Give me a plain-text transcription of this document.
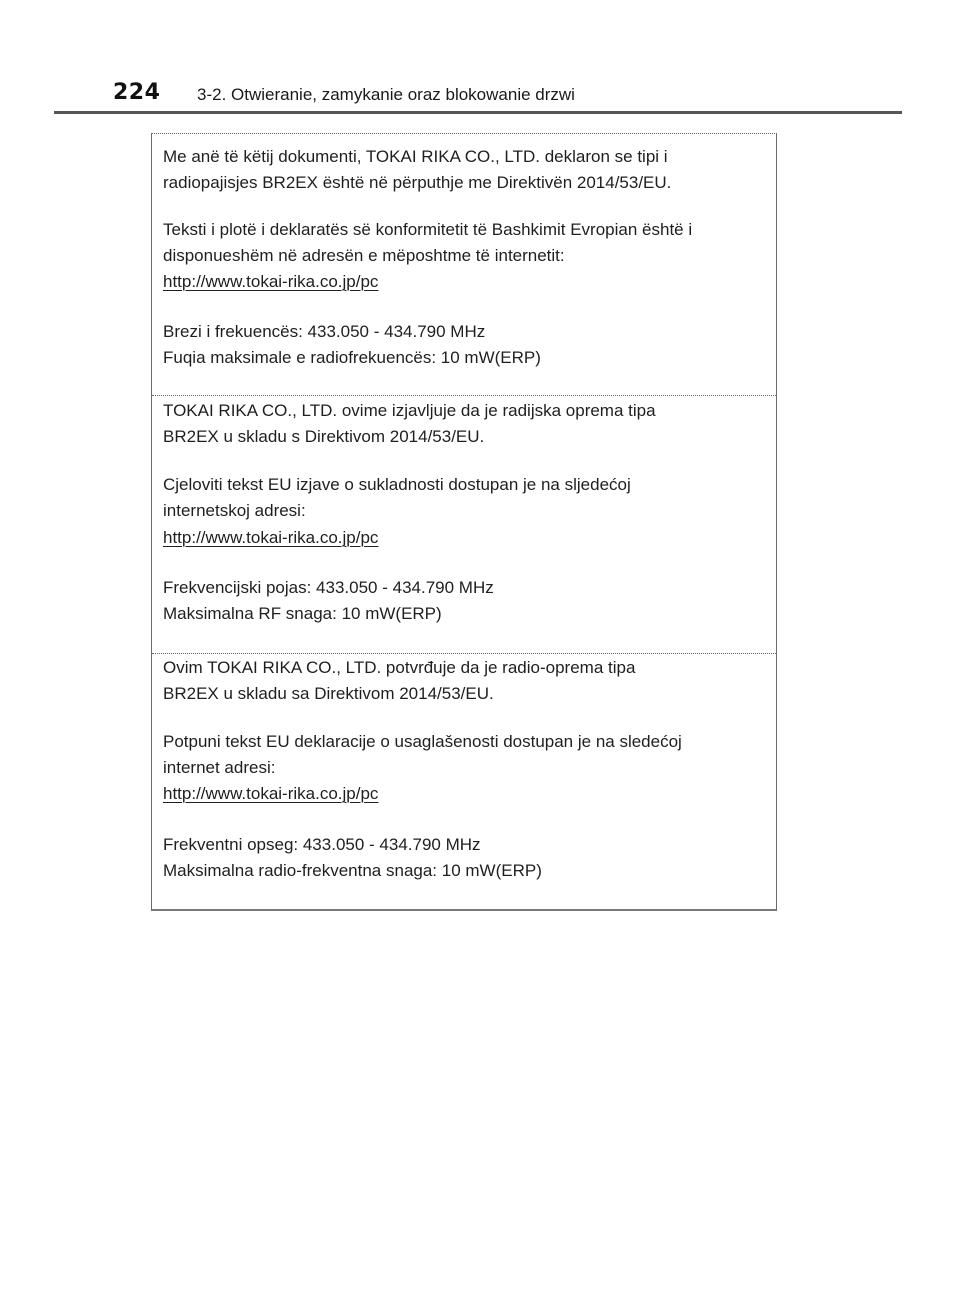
224 3-2. Otwieranie, zamykanie oraz blokowanie drzwi
Me anë të këtij dokumenti, TOKAI RIKA CO., LTD. deklaron se tipi i
radiopajisjes BR2EX është në përputhje me Direktivën 2014/53/EU.
Teksti i plotë i deklaratës së konformitetit të Bashkimit Evropian është i
disponueshëm në adresën e mëposhtme të internetit:
http://www.tokai-rika.co.jp/pc
Brezi i frekuencës: 433.050 - 434.790 MHz
Fuqia maksimale e radiofrekuencës: 10 mW(ERP)
TOKAI RIKA CO., LTD. ovime izjavljuje da je radijska oprema tipa
BR2EX u skladu s Direktivom 2014/53/EU.
Cjeloviti tekst EU izjave o sukladnosti dostupan je na sljedećoj
internetskoj adresi:
http://www.tokai-rika.co.jp/pc
Frekvencijski pojas: 433.050 - 434.790 MHz
Maksimalna RF snaga: 10 mW(ERP)
Ovim TOKAI RIKA CO., LTD. potvrđuje da je radio-oprema tipa
BR2EX u skladu sa Direktivom 2014/53/EU.
Potpuni tekst EU deklaracije o usaglašenosti dostupan je na sledećoj
internet adresi:
http://www.tokai-rika.co.jp/pc
Frekventni opseg: 433.050 - 434.790 MHz
Maksimalna radio-frekventna snaga: 10 mW(ERP)
